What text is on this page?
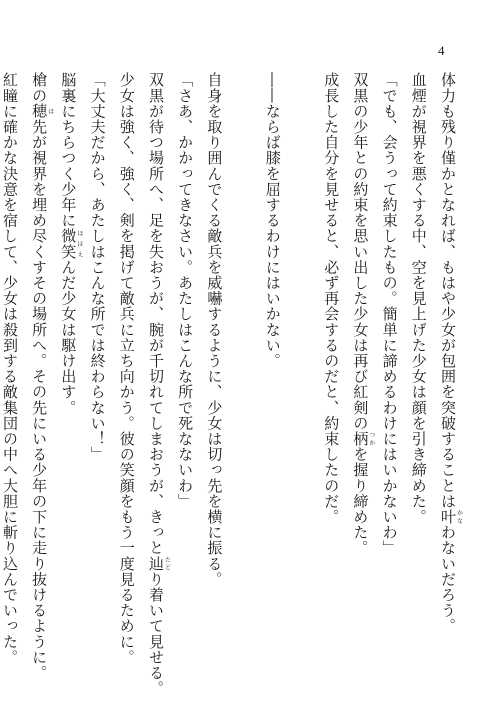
4
体力も残り僅かとなれば、もはや少女が包囲を突破することは叶かなわないだろう。
血煙が視界を悪くする中、空を見上げた少女は顔を引き締めた。
「でも、会うって約束したもの。簡単に諦めるわけにはいかないわ」
双黒の少年との約束を思い出した少女は再び紅剣の柄つかを握り締めた。
成長した自分を見せると、必ず再会するのだと、約束したのだ。
――ならば膝を屈するわけにはいかない。
自身を取り囲んでくる敵兵を威嚇するように、少女は切っ先を横に振る。
「さあ、かかってきなさい。あたしはこんな所で死なないわ」
双黒が待つ場所へ、足を失おうが、腕が千切れてしまおうが、きっと辿たどり着いて見せる。
少女は強く、強く、剣を掲げて敵兵に立ち向かう。彼の笑顔をもう一度見るために。
「大丈夫だから、あたしはこんな所では終わらない！」
脳裏にちらつく少年に微笑ほほえんだ少女は駆け出す。
槍の穂ほ先が視界を埋め尽くすその場所へ。その先にいる少年の下に走り抜けるように。
紅瞳に確かな決意を宿して、少女は殺到する敵集団の中へ大胆に斬り込んでいった。
